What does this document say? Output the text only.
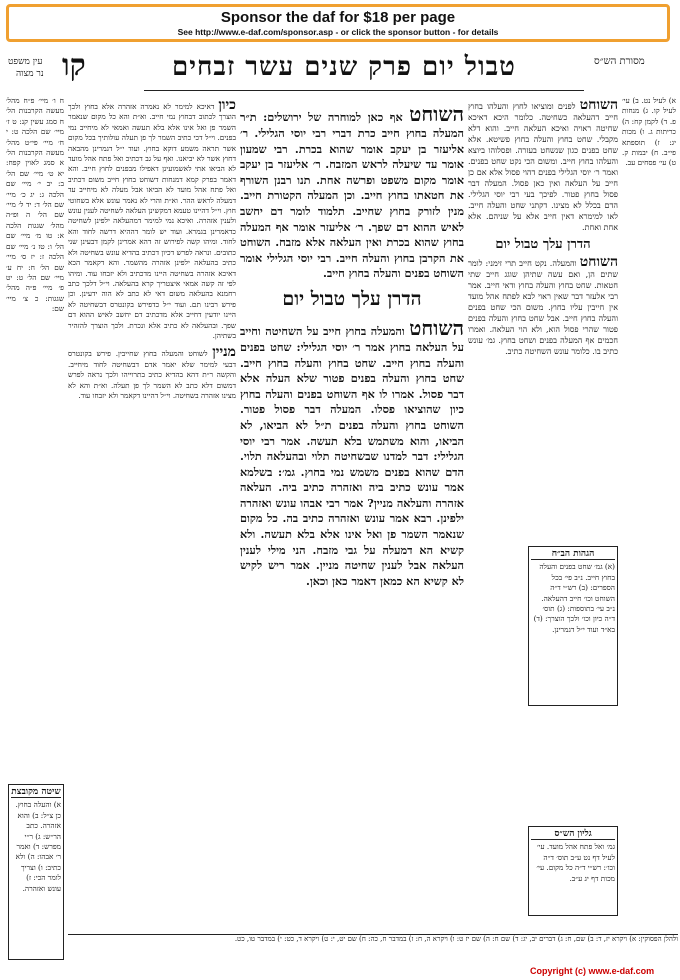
Sponsor the daf for $18 per page
See http://www.e-daf.com/sponsor.asp - or click the sponsor button - for details
עין משפט
נר מצוה קו	טבול יום פרק שנים עשר זבחים	מסורת הש״ס

ח ו׳ מיי׳ פ״ח מהל׳ מעשה הקרבנות הל׳ ח סמג עשין קנ: ט ז׳ מיי׳ שם הלכה ט: י ח׳ מיי׳ פי״ט מהל׳ מעשה הקרבנות הל׳ א סמג לאוין קפח: יא ט׳ מיי׳ שם הל׳ ב: יב י׳ מיי׳ שם הלכה ג: יג כ׳ מיי׳ שם הל׳ ד: יד ל׳ מיי׳ שם הל׳ ה ופ״ה מהל׳ שגגות הלכה א: טו מ׳ מיי׳ שם הל׳ ו: טז נ׳ מיי׳ שם הלכה ז: יז ס׳ מיי׳ שם הל׳ ח: יח ע׳ מיי׳ שם הל׳ ט: יט פ׳ מיי׳ פ״ה מהל׳ שגגות: כ צ׳ מיי׳ שם:

כיון דאיכא למימר לא נאמרה אזהרה אלא בחוץ ולכך הוצרך לכתוב דבחוץ נמי חייב. וא״ת והא כל מקום שנאמר השמר פן ואל אינו אלא בלא תעשה ואמאי לא מיחייב נמי בפנים. וי״ל דכי כתיב השמר לך פן תעלה עולותיך בכל מקום אשר תראה משמע דוקא בחוץ. ועוד י״ל דגמרינן מהבאה דחוץ אשר לא יביאנו. ואף על גב דכתיב ואל פתח אהל מועד לא הביאו אתי לאשמועינן דאפילו מבפנים לחוץ חייב. והא דאמר בפרק קמא דמנחות דשוחט בחוץ חייב משום דכתיב ואל פתח אהל מועד לא הביאו אבל מעלה לא מיחייב עד דמעלה לראש ההר. וא״ת והרי לא נאמר עונש אלא בשחוטי חוץ. וי״ל דהיינו טעמא דמקשינן העלאה לשחיטה לענין עונש ולענין אזהרה. ואיכא נמי למימר דמהעלאה ילפינן לשחיטה כדאמרינן בגמרא. ועוד יש לומר דההיא דרשה לחוד והא לחוד. ומיהו קשה לפירוש זה דהא אמרינן לקמן דבעינן שני כתובים. ונראה לפרש דכיון דכתיב בהדיא עונש בשחיטה ולא כתיב בהעלאה ילפינן אזהרה מהשמר. והא דקאמר הכא דאיכא אזהרה בשחיטה היינו מדכתיב ולא יזבחו עוד. ומיהו לפי זה קשה אמאי איצטריך קרא בהעלאה. וי״ל דלכך כתב רחמנא בהעלאה משום דאי לא כתב לא הוה ידעינן. וכן פירש רבינו תם. ועוד י״ל כדפירש בקונטרס דבשחיטה לא היינו יודעין דחייב אלא מדכתיב דם יחשב לאיש ההוא דם שפך. ובהעלאה לא כתיב אלא ונכרת. ולכך הוצרך להזהיר בשתיהן.

מניין לשוחט והמעלה בחוץ שחייבין. פירש בקונטרס דבעי למימר שלא יאמר אדם דבשחיטה לחוד מיחייב. והקשה ר״ת דהא בהדיא כתיב בתרוייהו ולכך נראה לפרש דמשום דלא כתב לא השמר לך פן תעלה. וא״ת והא לא מצינו אזהרה בשחיטה. וי״ל דהיינו דקאמר ולא יזבחו עוד.

השוחט אף כאן למוחרה של ירושלים: ת״ר המעלה בחוץ חייב כרת דברי רבי יוסי הגלילי. ר׳ אליעזר בן יעקב אומר שהוא בכרת. רבי שמעון אומר עד שיעלה לראש המזבח. ר׳ אליעזר בן יעקב אומר מקום משפט ופרשה אחת. תנו רבנן השורף את חטאתו בחוץ חייב. וכן המעלה הקטורת חייב. מנין לזורק בחוץ שחייב. תלמוד לומר דם יחשב לאיש ההוא דם שפך. ר׳ אליעזר אומר אף המעלה בחוץ שהוא בכרת ואין העלאה אלא מזבח. השוחט את הקרבן בחוץ והעלה חייב. רבי יוסי הגלילי אומר השוחט בפנים והעלה בחוץ חייב.

הדרן עלך טבול יום

השוחט והמעלה בחוץ חייב על השחיטה וחייב על העלאה בחוץ אמר ר׳ יוסי הגלילי: שחט בפנים והעלה בחוץ חייב. שחט בחוץ והעלה בחוץ חייב. שחט בחוץ והעלה בפנים פטור שלא העלה אלא דבר פסול. אמרו לו אף השוחט בפנים והעלה בחוץ כיון שהוציאו פסלו. המעלה דבר פסול פטור. השוחט בחוץ והעלה בפנים ת״ל לא הביאו, לא הביאו, והוא משתמש בלא תעשה. אמר רבי יוסי הגלילי: דבר למדנו שבשחיטה תלוי ובהעלאה תלוי. הדם שהוא בפנים משמש נמי בחוץ. גמ׳: בשלמא אמר עונש כתיב ביה ואזהרה כתיב ביה. העלאה אזהרה והעלאה מניין? אמר רבי אבהו עונש ואזהרה ילפינן. רבא אמר עונש ואזהרה כתיב בה. כל מקום שנאמר השמר פן ואל אינו אלא בלא תעשה. ולא קשיא הא דמעלה על גבי מזבח. הני מילי לענין העלאה אבל לענין שחיטה מניין. אמר ריש לקיש לא קשיא הא כמאן דאמר כאן וכאן.

השוחט לפנים ומוציאו לחוץ והעלהו בחוץ חייב דהעלאה כשחיטה. כלומר היכא דאיכא שחיטה ראויה ואיכא העלאה חייב. והוא דלא מקבלי. שחט בחוץ והעלה בחוץ פשיטא. אלא שחט בפנים כגון שנשחט בעזרה. ופסלוהו ביוצא והעלהו בחוץ חייב. ומשום הכי נקט שחט בפנים. ואמר ר׳ יוסי הגלילי בפנים דהוי פסול אלא אם כן חייב על העלאה ואין כאן פסול. המעלה דבר פסול בחוץ פטור. לפיכך בעי רבי יוסי הגלילי. הדם בכלל לא מצינו. דקתני שחט והעלה חייב. לאו למימרא דאין חייב אלא על שניהם. אלא אחת ואחת.

הדרן עלך טבול יום

השוחט והמעלה. נקט חייב תרי זימני: לומר שתים הן, ואם עשה שתיהן שוגג חייב שתי חטאות. שחט בחוץ והעלה בחוץ ודאי חייב. אמר רבי אלעזר דבר שאין ראוי לבא לפתח אהל מועד אין חייבין עליו בחוץ. משום הכי שחט בפנים והעלה בחוץ חייב. אבל שחט בחוץ והעלה בפנים פטור שהרי פסול הוא, ולא הוי העלאה. ואמרו חכמים אף המעלה בפנים ושחט בחוץ. גמ׳ עונש כתיב בו. כלומר עונש השחיטה כתיב.

א) לעיל נט. ב) עי׳ לעיל קו. ג) מנחות פ. ד) לקמן קח: ה) כריתות ג. ו) מכות יג: ז) תוספתא פי״ב. ח) יבמות ק. ט) עי׳ פסחים עב.

הגהות הב״ח
(א) גמ׳ שחט בפנים והעלה בחוץ חייב. נ״ב פי׳ בכל הספרים: (ב) רש״י ד״ה השוחט וכו׳ חייב דהעלאה. נ״ב עי׳ בתוספות: (ג) תוס׳ ד״ה כיון וכו׳ ולכך הוצרך: (ד) בא״ד ועוד י״ל דגמרינן.
שיטה מקובצת
א) והעלה בחוץ. כן צ״ל: ב) והוא אזהרה. כתב הר״ש: ג) ר״י מפרש: ד) ואמר ר׳ אבהו: ה) ולא כתיב: ו) וצריך לומר הכי: ז) עונש ואזהרה.
גליון הש״ס
גמ׳ ואל פתח אהל מועד. עי׳ לעיל דף נט ע״ב תוס׳ ד״ה וכו׳: רש״י ד״ה כל מקום. עי׳ מכות דף יג ע״ב.
ולהלן הפסוקין: א) ויקרא יז, ד: ב) שם, ח: ג) דברים יב, יג: ד) שם ח: ה) שם יז ט: ו) ויקרא ה, ח: ז) במדבר ח, כה: ח) שם יט, י: ט) ויקרא ד, כט: י) במדבר טו, כט.
Copyright (c) www.e-daf.com
